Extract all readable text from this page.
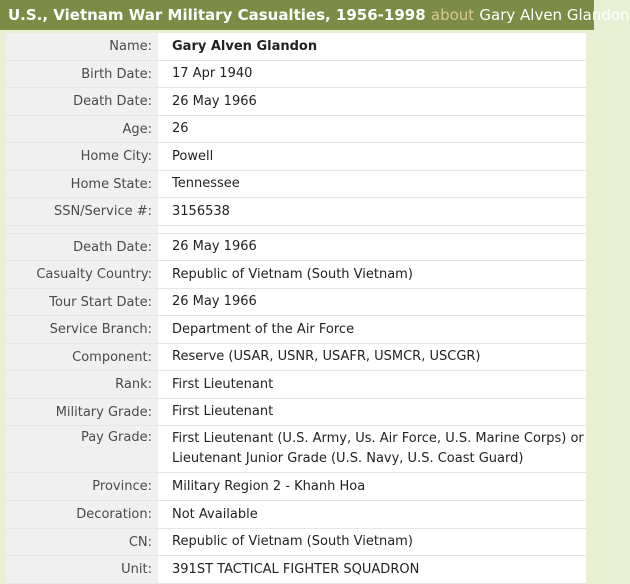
U.S., Vietnam War Military Casualties, 1956-1998 about Gary Alven Glandon
Name:	Gary Alven Glandon
Birth Date:	17 Apr 1940
Death Date:	26 May 1966
Age:	26
Home City:	Powell
Home State:	Tennessee
SSN/Service #:	3156538
Death Date:	26 May 1966
Casualty Country:	Republic of Vietnam (South Vietnam)
Tour Start Date:	26 May 1966
Service Branch:	Department of the Air Force
Component:	Reserve (USAR, USNR, USAFR, USMCR, USCGR)
Rank:	First Lieutenant
Military Grade:	First Lieutenant
Pay Grade:	First Lieutenant (U.S. Army, Us. Air Force, U.S. Marine Corps) or Lieutenant Junior Grade (U.S. Navy, U.S. Coast Guard)
Province:	Military Region 2 - Khanh Hoa
Decoration:	Not Available
CN:	Republic of Vietnam (South Vietnam)
Unit:	391ST TACTICAL FIGHTER SQUADRON
